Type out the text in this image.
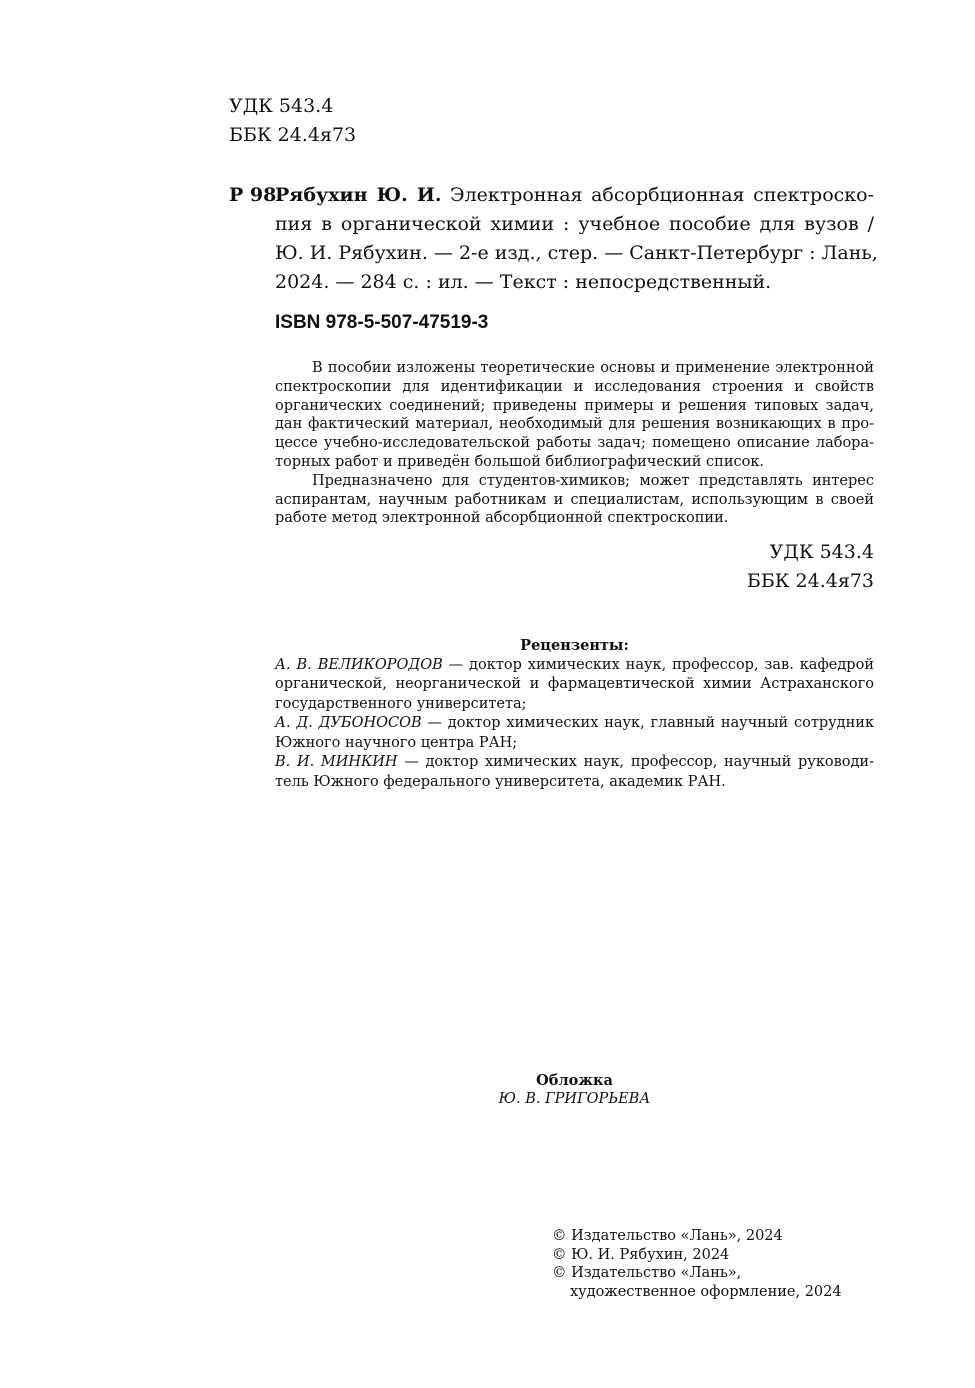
УДК 543.4
ББК 24.4я73
Р 98
Рябухин Ю. И. Электронная абсорбционная спектроско-
пия в органической химии : учебное пособие для вузов /
Ю. И. Рябухин. — 2-е изд., стер. — Санкт-Петербург : Лань,
2024. — 284 с. : ил. — Текст : непосредственный.
ISBN 978-5-507-47519-3
В пособии изложены теоретические основы и применение электронной
спектроскопии для идентификации и исследования строения и свойств
органических соединений; приведены примеры и решения типовых задач,
дан фактический материал, необходимый для решения возникающих в про-
цессе учебно-исследовательской работы задач; помещено описание лабора-
торных работ и приведён большой библиографический список.
Предназначено для студентов-химиков; может представлять интерес
аспирантам, научным работникам и специалистам, использующим в своей
работе метод электронной абсорбционной спектроскопии.
УДК 543.4
ББК 24.4я73
Рецензенты:
А. В. ВЕЛИКОРОДОВ — доктор химических наук, профессор, зав. кафедрой
органической, неорганической и фармацевтической химии Астраханского
государственного университета;
А. Д. ДУБОНОСОВ — доктор химических наук, главный научный сотрудник
Южного научного центра РАН;
В. И. МИНКИН — доктор химических наук, профессор, научный руководи-
тель Южного федерального университета, академик РАН.
Обложка
Ю. В. ГРИГОРЬЕВА
© Издательство «Лань», 2024
© Ю. И. Рябухин, 2024
© Издательство «Лань»,
художественное оформление, 2024
